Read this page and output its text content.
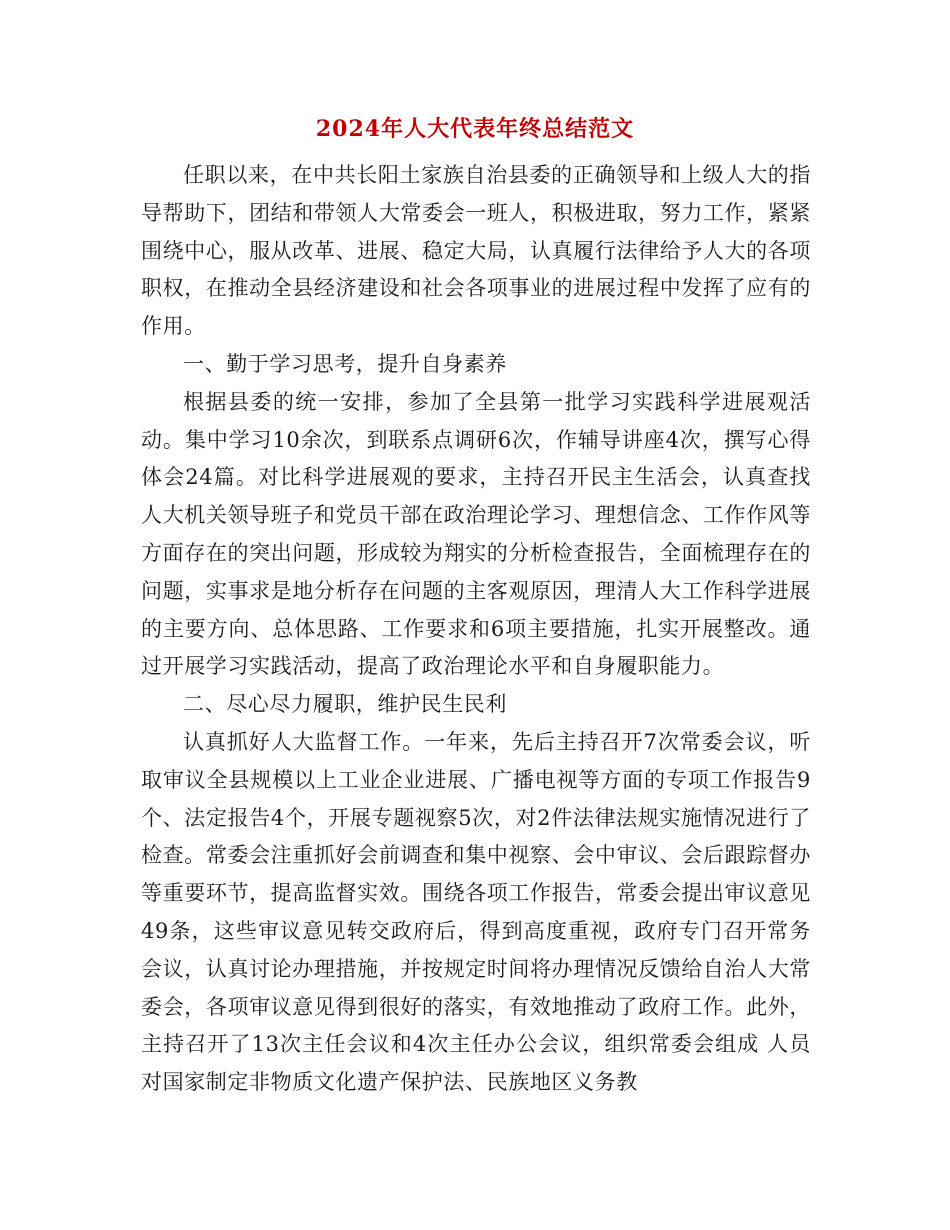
2024年人大代表年终总结范文

任职以来，在中共长阳土家族自治县委的正确领导和上级人大的指导帮助下，团结和带领人大常委会一班人，积极进取，努力工作，紧紧围绕中心，服从改革、进展、稳定大局，认真履行法律给予人大的各项职权，在推动全县经济建设和社会各项事业的进展过程中发挥了应有的作用。

一、勤于学习思考，提升自身素养

根据县委的统一安排，参加了全县第一批学习实践科学进展观活动。集中学习10余次，到联系点调研6次，作辅导讲座4次，撰写心得体会24篇。对比科学进展观的要求，主持召开民主生活会，认真查找人大机关领导班子和党员干部在政治理论学习、理想信念、工作作风等方面存在的突出问题，形成较为翔实的分析检查报告，全面梳理存在的问题，实事求是地分析存在问题的主客观原因，理清人大工作科学进展的主要方向、总体思路、工作要求和6项主要措施，扎实开展整改。通过开展学习实践活动，提高了政治理论水平和自身履职能力。

二、尽心尽力履职，维护民生民利

认真抓好人大监督工作。一年来，先后主持召开7次常委会议，听取审议全县规模以上工业企业进展、广播电视等方面的专项工作报告9个、法定报告4个，开展专题视察5次，对2件法律法规实施情况进行了检查。常委会注重抓好会前调查和集中视察、会中审议、会后跟踪督办等重要环节，提高监督实效。围绕各项工作报告，常委会提出审议意见49条，这些审议意见转交政府后，得到高度重视，政府专门召开常务会议，认真讨论办理措施，并按规定时间将办理情况反馈给自治人大常委会，各项审议意见得到很好的落实，有效地推动了政府工作。此外，主持召开了13次主任会议和4次主任办公会议，组织常委会组成 人员对国家制定非物质文化遗产保护法、民族地区义务教
